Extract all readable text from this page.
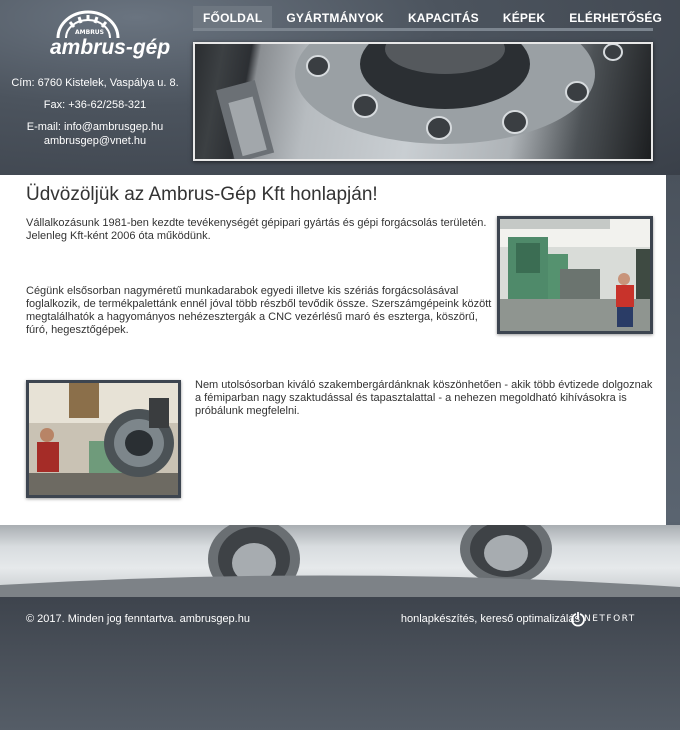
AMBRUS
ambrus-gép
Cím: 6760 Kistelek, Vaspálya u. 8.
Fax: +36-62/258-321
E-mail: info@ambrusgep.hu
ambrusgep@vnet.hu
FŐOLDAL	GYÁRTMÁNYOK	KAPACITÁS	KÉPEK	ELÉRHETŐSÉG
Üdvözöljük az Ambrus-Gép Kft honlapján!

Vállalkozásunk 1981-ben kezdte tevékenységét gépipari gyártás és gépi forgácsolás területén. Jelenleg Kft-ként 2006 óta működünk.

Cégünk elsősorban nagyméretű munkadarabok egyedi illetve kis szériás forgácsolásával foglalkozik, de termékpalettánk ennél jóval több részből tevődik össze. Szerszámgépeink között megtalálhatók a hagyományos nehézesztergák a CNC vezérlésű maró és esztergа, köszörű, fúró, hegesztőgépek.

Nem utolsósorban kiváló szakembergárdánknak köszönhetően - akik több évtizede dolgoznak a fémiparban nagy szaktudással és tapasztalattal - a nehezen megoldható kihívásokra is próbálunk megfelelni.

© 2017. Minden jog fenntartva. ambrusgep.hu	honlapkészítés, kereső optimalizálás NETFORT
